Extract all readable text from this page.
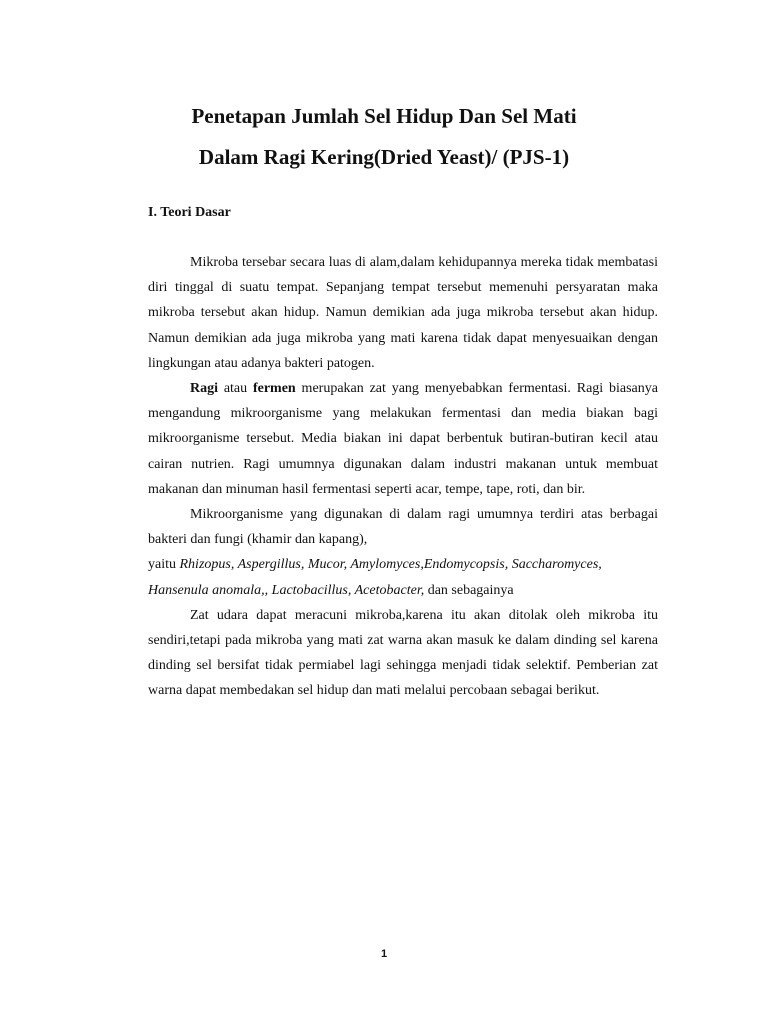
Penetapan Jumlah Sel Hidup Dan Sel Mati
Dalam Ragi Kering(Dried Yeast)/ (PJS-1)
I. Teori Dasar

Mikroba tersebar secara luas di alam,dalam kehidupannya mereka tidak membatasi diri tinggal di suatu tempat. Sepanjang tempat tersebut memenuhi persyaratan maka mikroba tersebut akan hidup. Namun demikian ada juga mikroba tersebut akan hidup. Namun demikian ada juga mikroba yang mati karena tidak dapat menyesuaikan dengan lingkungan atau adanya bakteri patogen.

Ragi atau fermen merupakan zat yang menyebabkan fermentasi. Ragi biasanya mengandung mikroorganisme yang melakukan fermentasi dan media biakan bagi mikroorganisme tersebut. Media biakan ini dapat berbentuk butiran-butiran kecil atau cairan nutrien. Ragi umumnya digunakan dalam industri makanan untuk membuat makanan dan minuman hasil fermentasi seperti acar, tempe, tape, roti, dan bir.

Mikroorganisme yang digunakan di dalam ragi umumnya terdiri atas berbagai bakteri dan fungi (khamir dan kapang),

yaitu Rhizopus, Aspergillus, Mucor, Amylomyces,Endomycopsis, Saccharomyces, Hansenula anomala,, Lactobacillus, Acetobacter, dan sebagainya

Zat udara dapat meracuni mikroba,karena itu akan ditolak oleh mikroba itu sendiri,tetapi pada mikroba yang mati zat warna akan masuk ke dalam dinding sel karena dinding sel bersifat tidak permiabel lagi sehingga menjadi tidak selektif. Pemberian zat warna dapat membedakan sel hidup dan mati melalui percobaan sebagai berikut.

1
